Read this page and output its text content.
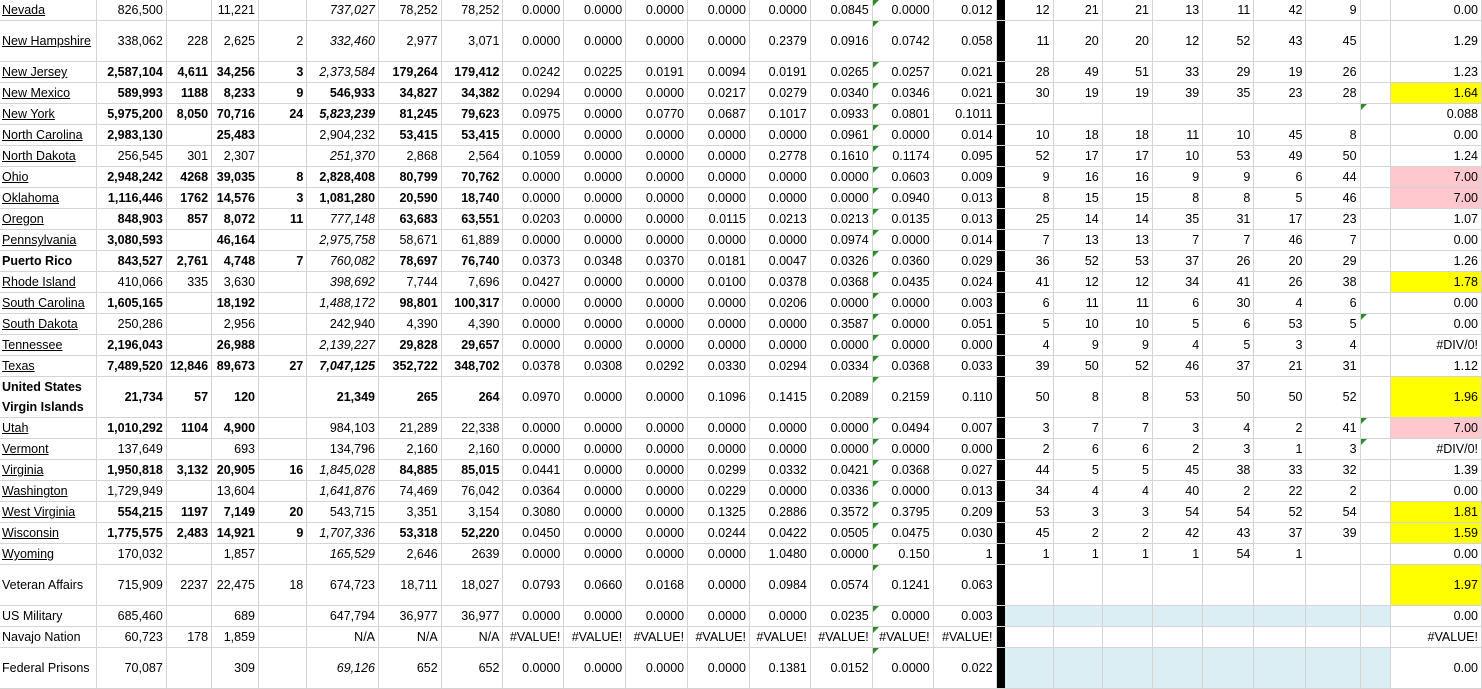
Nevada	826,500		11,221		737,027	78,252	78,252	0.0000	0.0000	0.0000	0.0000	0.0000	0.0845	0.0000	0.012		12	21	21	13	11	42	9		0.00
New Hampshire	338,062	228	2,625	2	332,460	2,977	3,071	0.0000	0.0000	0.0000	0.0000	0.2379	0.0916	0.0742	0.058		11	20	20	12	52	43	45		1.29
New Jersey	2,587,104	4,611	34,256	3	2,373,584	179,264	179,412	0.0242	0.0225	0.0191	0.0094	0.0191	0.0265	0.0257	0.021		28	49	51	33	29	19	26		1.23
New Mexico	589,993	1188	8,233	9	546,933	34,827	34,382	0.0294	0.0000	0.0000	0.0217	0.0279	0.0340	0.0346	0.021		30	19	19	39	35	23	28		1.64
New York	5,975,200	8,050	70,716	24	5,823,239	81,245	79,623	0.0975	0.0000	0.0770	0.0687	0.1017	0.0933	0.0801	0.1011										0.088
North Carolina	2,983,130		25,483		2,904,232	53,415	53,415	0.0000	0.0000	0.0000	0.0000	0.0000	0.0961	0.0000	0.014		10	18	18	11	10	45	8		0.00
North Dakota	256,545	301	2,307		251,370	2,868	2,564	0.1059	0.0000	0.0000	0.0000	0.2778	0.1610	0.1174	0.095		52	17	17	10	53	49	50		1.24
Ohio	2,948,242	4268	39,035	8	2,828,408	80,799	70,762	0.0000	0.0000	0.0000	0.0000	0.0000	0.0000	0.0603	0.009		9	16	16	9	9	6	44		7.00
Oklahoma	1,116,446	1762	14,576	3	1,081,280	20,590	18,740	0.0000	0.0000	0.0000	0.0000	0.0000	0.0000	0.0940	0.013		8	15	15	8	8	5	46		7.00
Oregon	848,903	857	8,072	11	777,148	63,683	63,551	0.0203	0.0000	0.0000	0.0115	0.0213	0.0213	0.0135	0.013		25	14	14	35	31	17	23		1.07
Pennsylvania	3,080,593		46,164		2,975,758	58,671	61,889	0.0000	0.0000	0.0000	0.0000	0.0000	0.0974	0.0000	0.014		7	13	13	7	7	46	7		0.00
Puerto Rico	843,527	2,761	4,748	7	760,082	78,697	76,740	0.0373	0.0348	0.0370	0.0181	0.0047	0.0326	0.0360	0.029		36	52	53	37	26	20	29		1.26
Rhode Island	410,066	335	3,630		398,692	7,744	7,696	0.0427	0.0000	0.0000	0.0100	0.0378	0.0368	0.0435	0.024		41	12	12	34	41	26	38		1.78
South Carolina	1,605,165		18,192		1,488,172	98,801	100,317	0.0000	0.0000	0.0000	0.0000	0.0206	0.0000	0.0000	0.003		6	11	11	6	30	4	6		0.00
South Dakota	250,286		2,956		242,940	4,390	4,390	0.0000	0.0000	0.0000	0.0000	0.0000	0.3587	0.0000	0.051		5	10	10	5	6	53	5		0.00
Tennessee	2,196,043		26,988		2,139,227	29,828	29,657	0.0000	0.0000	0.0000	0.0000	0.0000	0.0000	0.0000	0.000		4	9	9	4	5	3	4		#DIV/0!
Texas	7,489,520	12,846	89,673	27	7,047,125	352,722	348,702	0.0378	0.0308	0.0292	0.0330	0.0294	0.0334	0.0368	0.033		39	50	52	46	37	21	31		1.12
United States Virgin Islands	21,734	57	120		21,349	265	264	0.0970	0.0000	0.0000	0.1096	0.1415	0.2089	0.2159	0.110		50	8	8	53	50	50	52		1.96
Utah	1,010,292	1104	4,900		984,103	21,289	22,338	0.0000	0.0000	0.0000	0.0000	0.0000	0.0000	0.0494	0.007		3	7	7	3	4	2	41		7.00
Vermont	137,649		693		134,796	2,160	2,160	0.0000	0.0000	0.0000	0.0000	0.0000	0.0000	0.0000	0.000		2	6	6	2	3	1	3		#DIV/0!
Virginia	1,950,818	3,132	20,905	16	1,845,028	84,885	85,015	0.0441	0.0000	0.0000	0.0299	0.0332	0.0421	0.0368	0.027		44	5	5	45	38	33	32		1.39
Washington	1,729,949		13,604		1,641,876	74,469	76,042	0.0364	0.0000	0.0000	0.0229	0.0000	0.0336	0.0000	0.013		34	4	4	40	2	22	2		0.00
West Virginia	554,215	1197	7,149	20	543,715	3,351	3,154	0.3080	0.0000	0.0000	0.1325	0.2886	0.3572	0.3795	0.209		53	3	3	54	54	52	54		1.81
Wisconsin	1,775,575	2,483	14,921	9	1,707,336	53,318	52,220	0.0450	0.0000	0.0000	0.0244	0.0422	0.0505	0.0475	0.030		45	2	2	42	43	37	39		1.59
Wyoming	170,032		1,857		165,529	2,646	2639	0.0000	0.0000	0.0000	0.0000	1.0480	0.0000	0.150	1		1	1	1	1	54	1			0.00
Veteran Affairs	715,909	2237	22,475	18	674,723	18,711	18,027	0.0793	0.0660	0.0168	0.0000	0.0984	0.0574	0.1241	0.063										1.97
US Military	685,460		689		647,794	36,977	36,977	0.0000	0.0000	0.0000	0.0000	0.0000	0.0235	0.0000	0.003										0.00
Navajo Nation	60,723	178	1,859		N/A	N/A	N/A	#VALUE!	#VALUE!	#VALUE!	#VALUE!	#VALUE!	#VALUE!	#VALUE!	#VALUE!										#VALUE!
Federal Prisons	70,087		309		69,126	652	652	0.0000	0.0000	0.0000	0.0000	0.1381	0.0152	0.0000	0.022										0.00
